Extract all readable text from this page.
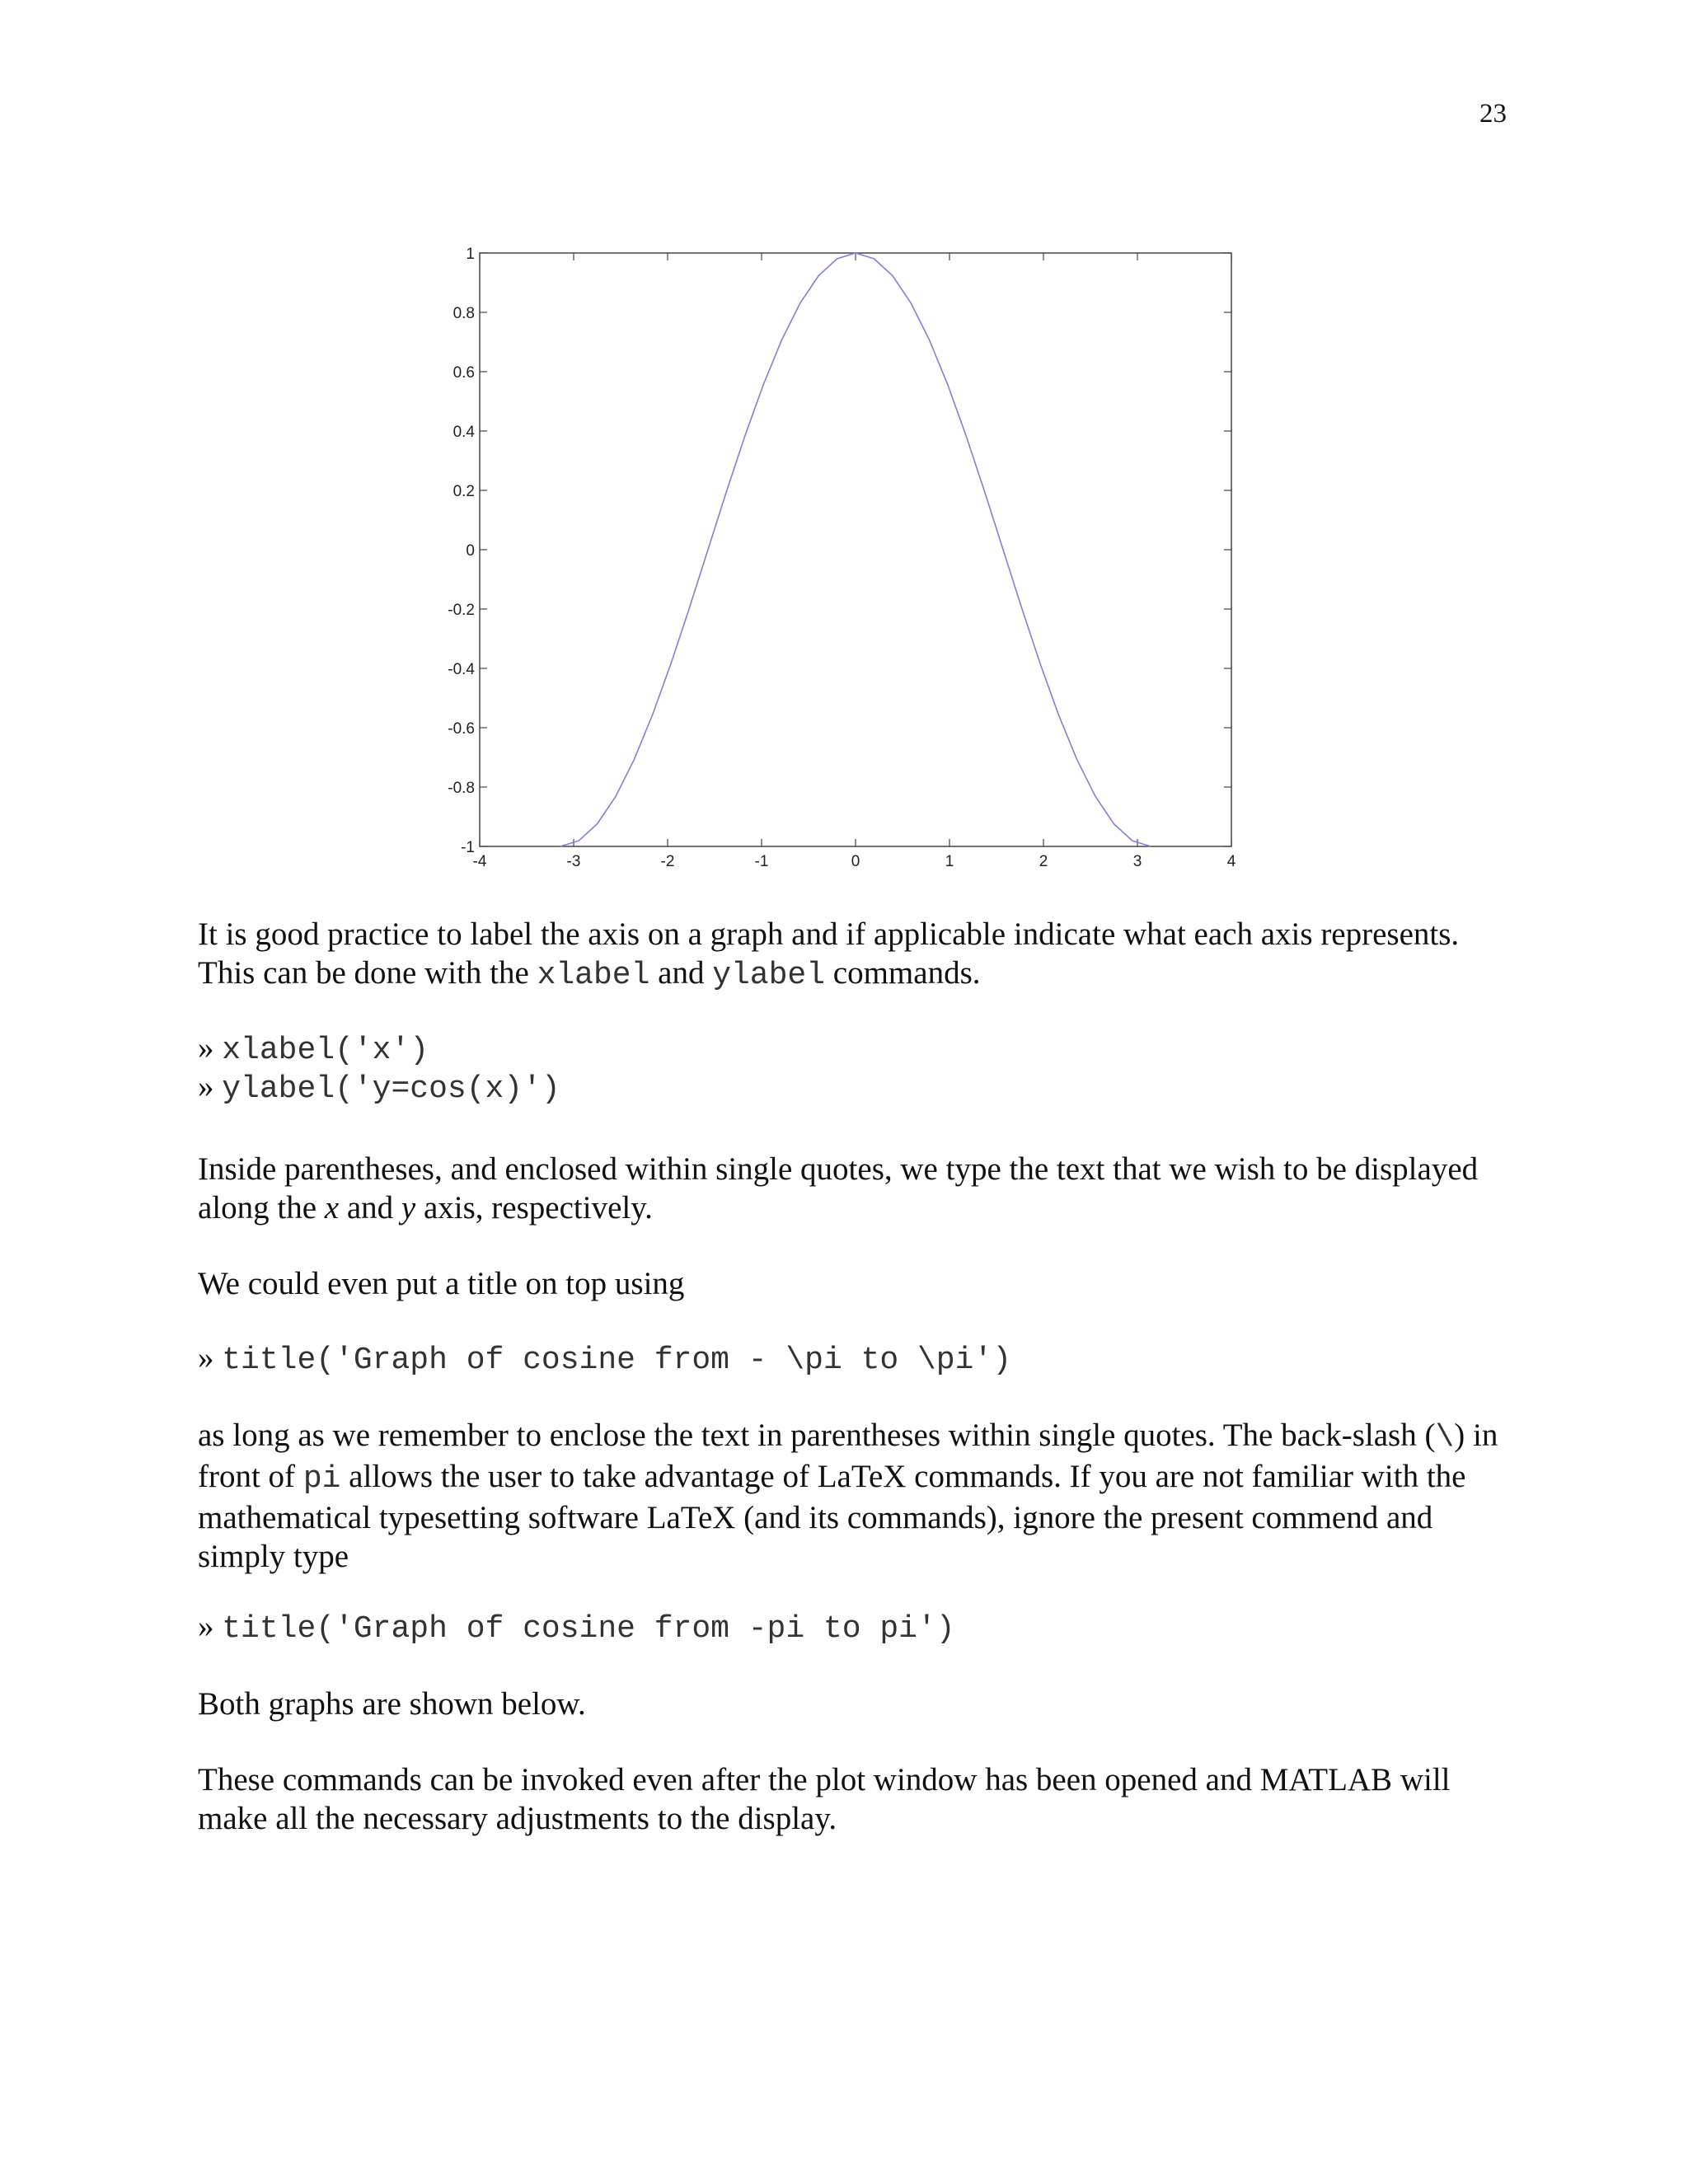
23
-4	-3	-2	-1	0	1	2	3	4
1
0.8
0.6
0.4
0.2
0
-0.2
-0.4
-0.6
-0.8
-1

It is good practice to label the axis on a graph and if applicable indicate what each axis represents. This can be done with the xlabel and ylabel commands.

» xlabel('x')
» ylabel('y=cos(x)')

Inside parentheses, and enclosed within single quotes, we type the text that we wish to be displayed along the x and y axis, respectively.

We could even put a title on top using

» title('Graph of cosine from - \pi to \pi')

as long as we remember to enclose the text in parentheses within single quotes. The back-slash (\) in front of pi allows the user to take advantage of LaTeX commands. If you are not familiar with the mathematical typesetting software LaTeX (and its commands), ignore the present commend and simply type

» title('Graph of cosine from -pi to pi')

Both graphs are shown below.

These commands can be invoked even after the plot window has been opened and MATLAB will make all the necessary adjustments to the display.
